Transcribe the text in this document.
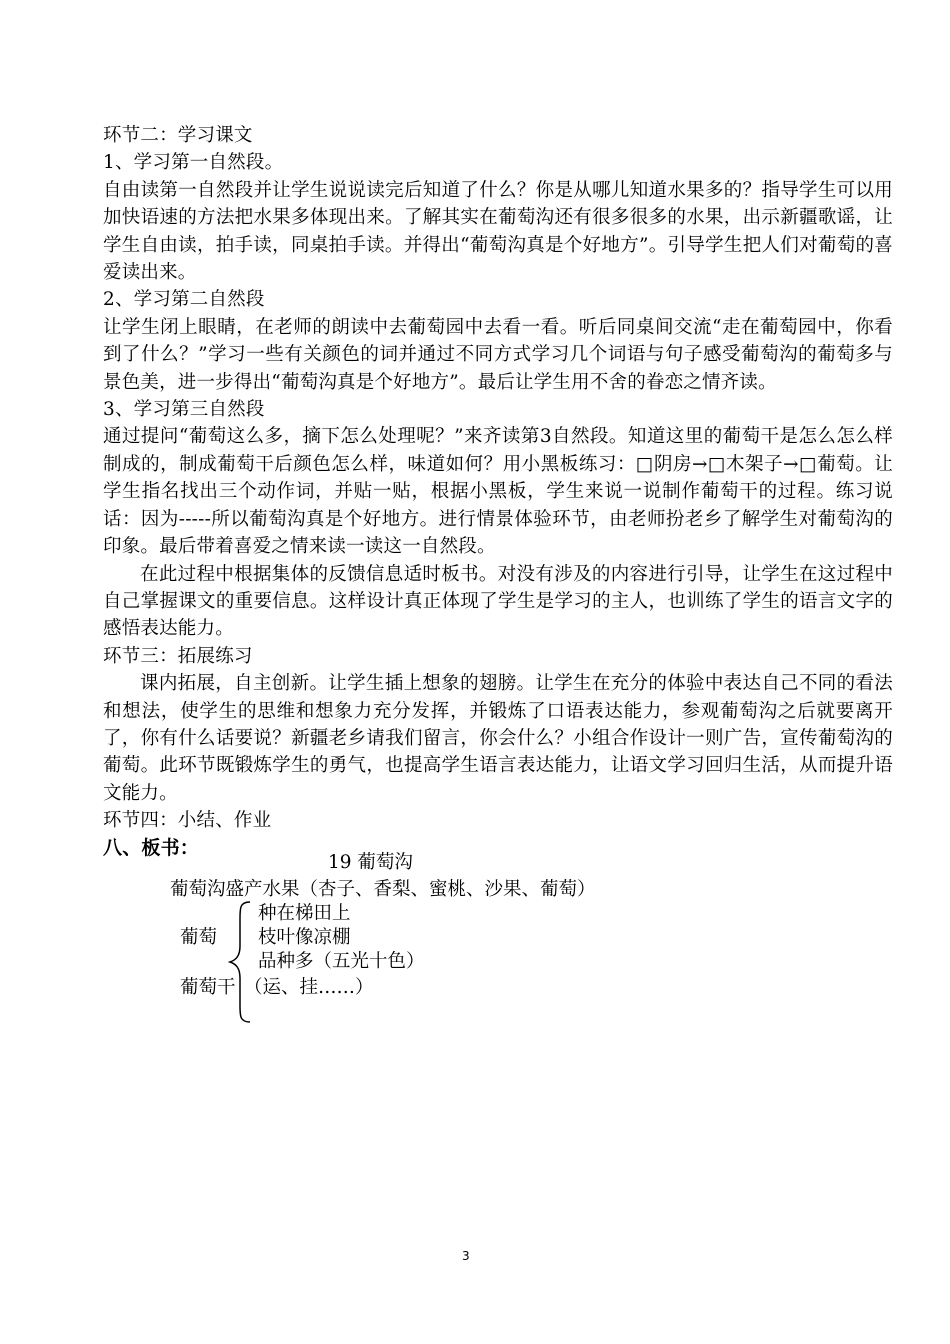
环节二：学习课文

1、学习第一自然段。

自由读第一自然段并让学生说说读完后知道了什么？你是从哪儿知道水果多的？指导学生可以用加快语速的方法把水果多体现出来。了解其实在葡萄沟还有很多很多的水果，出示新疆歌谣，让学生自由读，拍手读，同桌拍手读。并得出“葡萄沟真是个好地方”。引导学生把人们对葡萄的喜爱读出来。

2、学习第二自然段

让学生闭上眼睛，在老师的朗读中去葡萄园中去看一看。听后同桌间交流“走在葡萄园中，你看到了什么？”学习一些有关颜色的词并通过不同方式学习几个词语与句子感受葡萄沟的葡萄多与景色美，进一步得出“葡萄沟真是个好地方”。最后让学生用不舍的眷恋之情齐读。

3、学习第三自然段

通过提问“葡萄这么多，摘下怎么处理呢？”来齐读第3自然段。知道这里的葡萄干是怎么怎么样制成的，制成葡萄干后颜色怎么样，味道如何？用小黑板练习：□阴房→□木架子→□葡萄。让学生指名找出三个动作词，并贴一贴，根据小黑板，学生来说一说制作葡萄干的过程。练习说话：因为-----所以葡萄沟真是个好地方。进行情景体验环节，由老师扮老乡了解学生对葡萄沟的印象。最后带着喜爱之情来读一读这一自然段。

在此过程中根据集体的反馈信息适时板书。对没有涉及的内容进行引导，让学生在这过程中自己掌握课文的重要信息。这样设计真正体现了学生是学习的主人，也训练了学生的语言文字的感悟表达能力。

环节三：拓展练习

课内拓展，自主创新。让学生插上想象的翅膀。让学生在充分的体验中表达自己不同的看法和想法，使学生的思维和想象力充分发挥，并锻炼了口语表达能力，参观葡萄沟之后就要离开了，你有什么话要说？新疆老乡请我们留言，你会什么？小组合作设计一则广告，宣传葡萄沟的葡萄。此环节既锻炼学生的勇气，也提高学生语言表达能力，让语文学习回归生活，从而提升语文能力。

环节四：小结、作业

八、板书：

19 葡萄沟
葡萄沟盛产水果（杏子、香梨、蜜桃、沙果、葡萄）
葡萄
种在梯田上
枝叶像凉棚
品种多（五光十色）
葡萄干 （运、挂……）
3
